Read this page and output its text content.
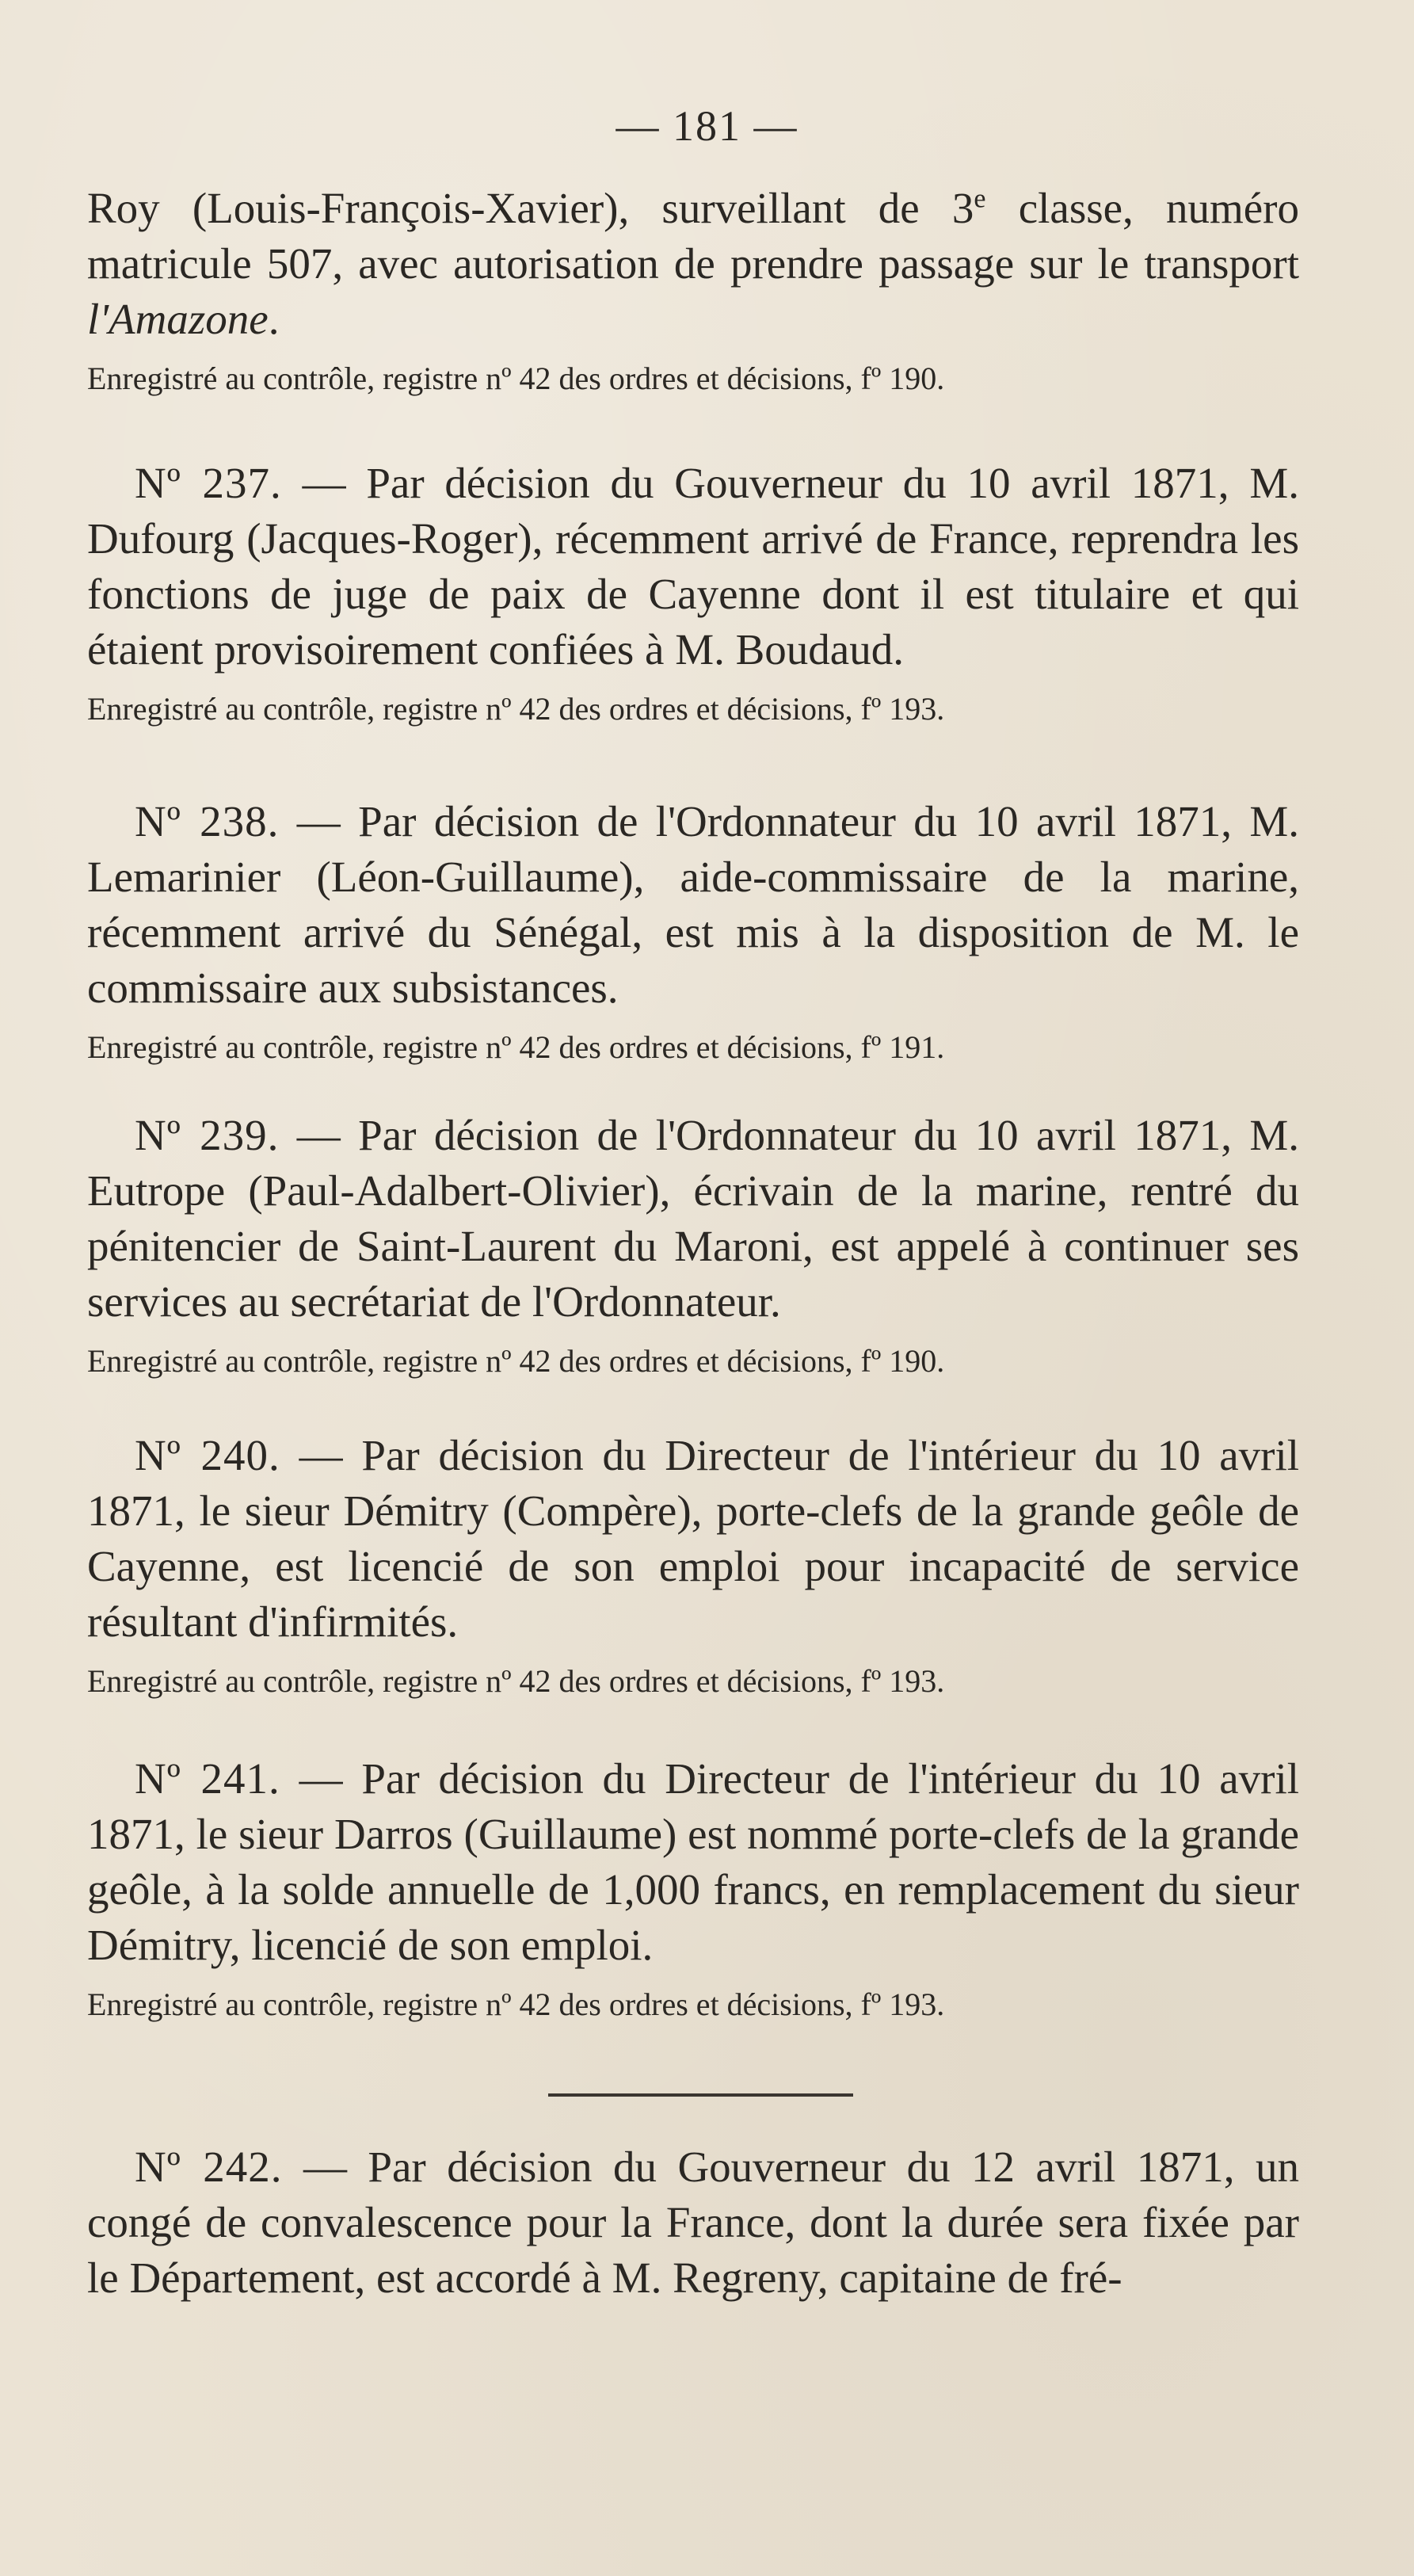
— 181 —

Roy (Louis-François-Xavier), surveillant de 3e classe, numéro matricule 507, avec autorisation de prendre passage sur le transport l'Amazone.

Enregistré au contrôle, registre nº 42 des ordres et décisions, fº 190.

Nº 237. — Par décision du Gouverneur du 10 avril 1871, M. Dufourg (Jacques-Roger), récemment arrivé de France, reprendra les fonctions de juge de paix de Cayenne dont il est titulaire et qui étaient provisoirement confiées à M. Boudaud.

Enregistré au contrôle, registre nº 42 des ordres et décisions, fº 193.

Nº 238. — Par décision de l'Ordonnateur du 10 avril 1871, M. Lemarinier (Léon-Guillaume), aide-commissaire de la marine, récemment arrivé du Sénégal, est mis à la disposition de M. le commissaire aux subsistances.

Enregistré au contrôle, registre nº 42 des ordres et décisions, fº 191.

Nº 239. — Par décision de l'Ordonnateur du 10 avril 1871, M. Eutrope (Paul-Adalbert-Olivier), écrivain de la marine, rentré du pénitencier de Saint-Laurent du Maroni, est appelé à continuer ses services au secrétariat de l'Ordonnateur.

Enregistré au contrôle, registre nº 42 des ordres et décisions, fº 190.

Nº 240. — Par décision du Directeur de l'intérieur du 10 avril 1871, le sieur Démitry (Compère), porte-clefs de la grande geôle de Cayenne, est licencié de son emploi pour incapacité de service résultant d'infirmités.

Enregistré au contrôle, registre nº 42 des ordres et décisions, fº 193.

Nº 241. — Par décision du Directeur de l'intérieur du 10 avril 1871, le sieur Darros (Guillaume) est nommé porte-clefs de la grande geôle, à la solde annuelle de 1,000 francs, en remplacement du sieur Démitry, licencié de son emploi.

Enregistré au contrôle, registre nº 42 des ordres et décisions, fº 193.

Nº 242. — Par décision du Gouverneur du 12 avril 1871, un congé de convalescence pour la France, dont la durée sera fixée par le Département, est accordé à M. Regreny, capitaine de fré-
